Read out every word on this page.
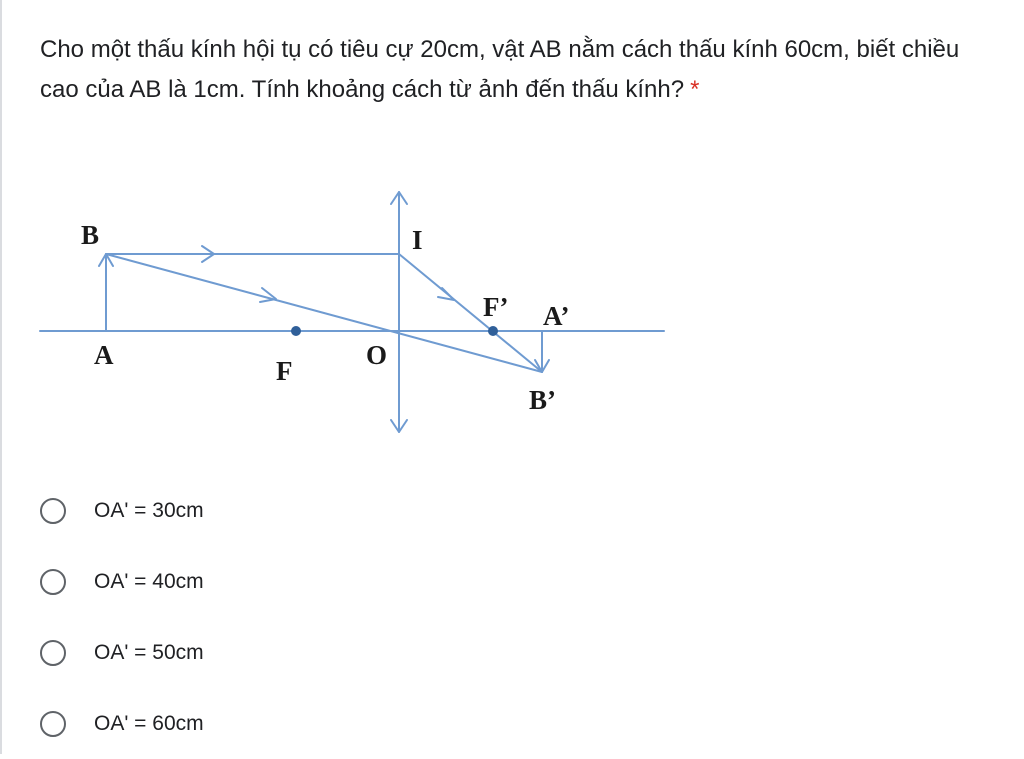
Cho một thấu kính hội tụ có tiêu cự 20cm, vật AB nằm cách thấu kính 60cm, biết chiều cao của AB là 1cm. Tính khoảng cách từ ảnh đến thấu kính? *
B	I
F’ A’
A	O
F
B’
OA' = 30cm
OA' = 40cm
OA' = 50cm
OA' = 60cm
